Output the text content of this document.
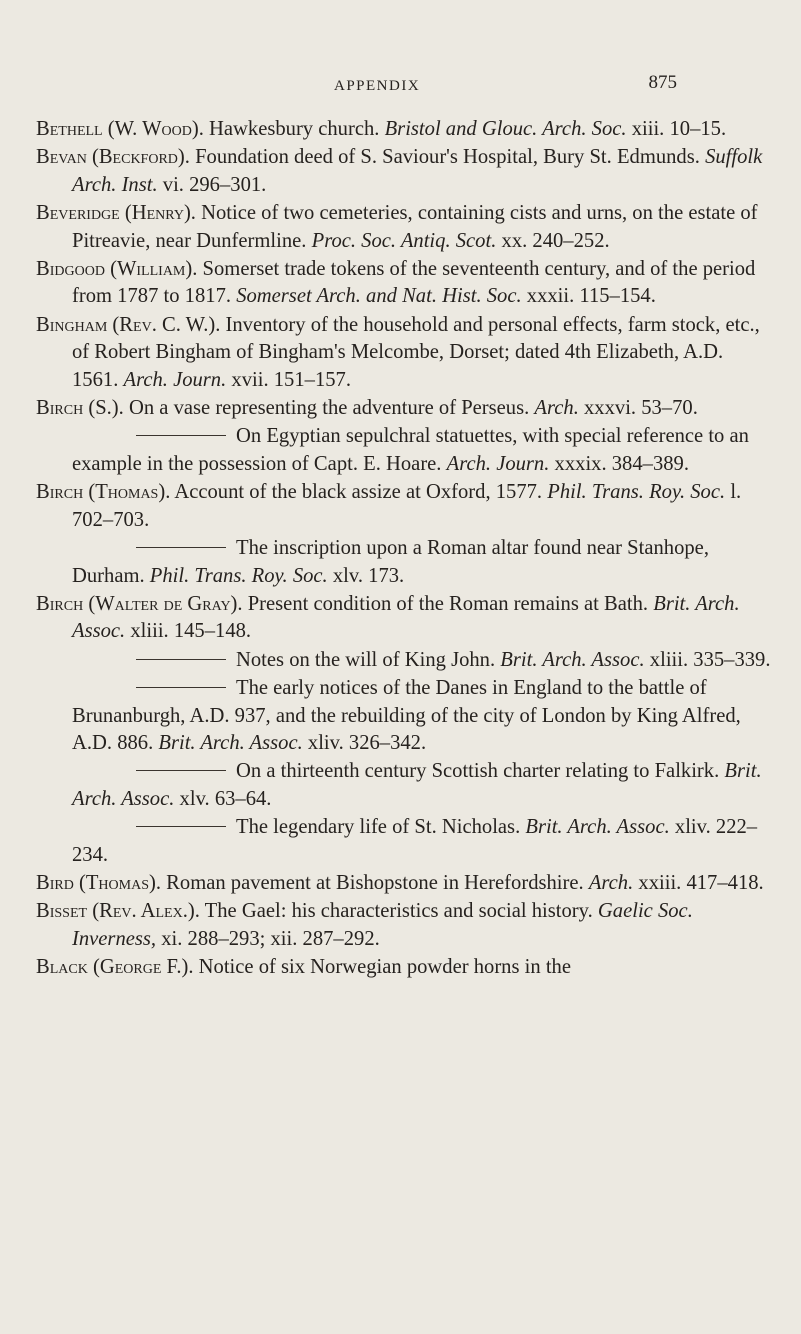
APPENDIX	875

Bethell (W. Wood). Hawkesbury church. Bristol and Glouc. Arch. Soc. xiii. 10–15.

Bevan (Beckford). Foundation deed of S. Saviour's Hospital, Bury St. Edmunds. Suffolk Arch. Inst. vi. 296–301.

Beveridge (Henry). Notice of two cemeteries, containing cists and urns, on the estate of Pitreavie, near Dunfermline. Proc. Soc. Antiq. Scot. xx. 240–252.

Bidgood (William). Somerset trade tokens of the seventeenth century, and of the period from 1787 to 1817. Somerset Arch. and Nat. Hist. Soc. xxxii. 115–154.

Bingham (Rev. C. W.). Inventory of the household and personal effects, farm stock, etc., of Robert Bingham of Bingham's Melcombe, Dorset; dated 4th Elizabeth, A.D. 1561. Arch. Journ. xvii. 151–157.

Birch (S.). On a vase representing the adventure of Perseus. Arch. xxxvi. 53–70.

On Egyptian sepulchral statuettes, with special reference to an example in the possession of Capt. E. Hoare. Arch. Journ. xxxix. 384–389.

Birch (Thomas). Account of the black assize at Oxford, 1577. Phil. Trans. Roy. Soc. l. 702–703.

The inscription upon a Roman altar found near Stanhope, Durham. Phil. Trans. Roy. Soc. xlv. 173.

Birch (Walter de Gray). Present condition of the Roman remains at Bath. Brit. Arch. Assoc. xliii. 145–148.

Notes on the will of King John. Brit. Arch. Assoc. xliii. 335–339.

The early notices of the Danes in England to the battle of Brunanburgh, A.D. 937, and the rebuilding of the city of London by King Alfred, A.D. 886. Brit. Arch. Assoc. xliv. 326–342.

On a thirteenth century Scottish charter relating to Falkirk. Brit. Arch. Assoc. xlv. 63–64.

The legendary life of St. Nicholas. Brit. Arch. Assoc. xliv. 222–234.

Bird (Thomas). Roman pavement at Bishopstone in Herefordshire. Arch. xxiii. 417–418.

Bisset (Rev. Alex.). The Gael: his characteristics and social history. Gaelic Soc. Inverness, xi. 288–293; xii. 287–292.

Black (George F.). Notice of six Norwegian powder horns in the
